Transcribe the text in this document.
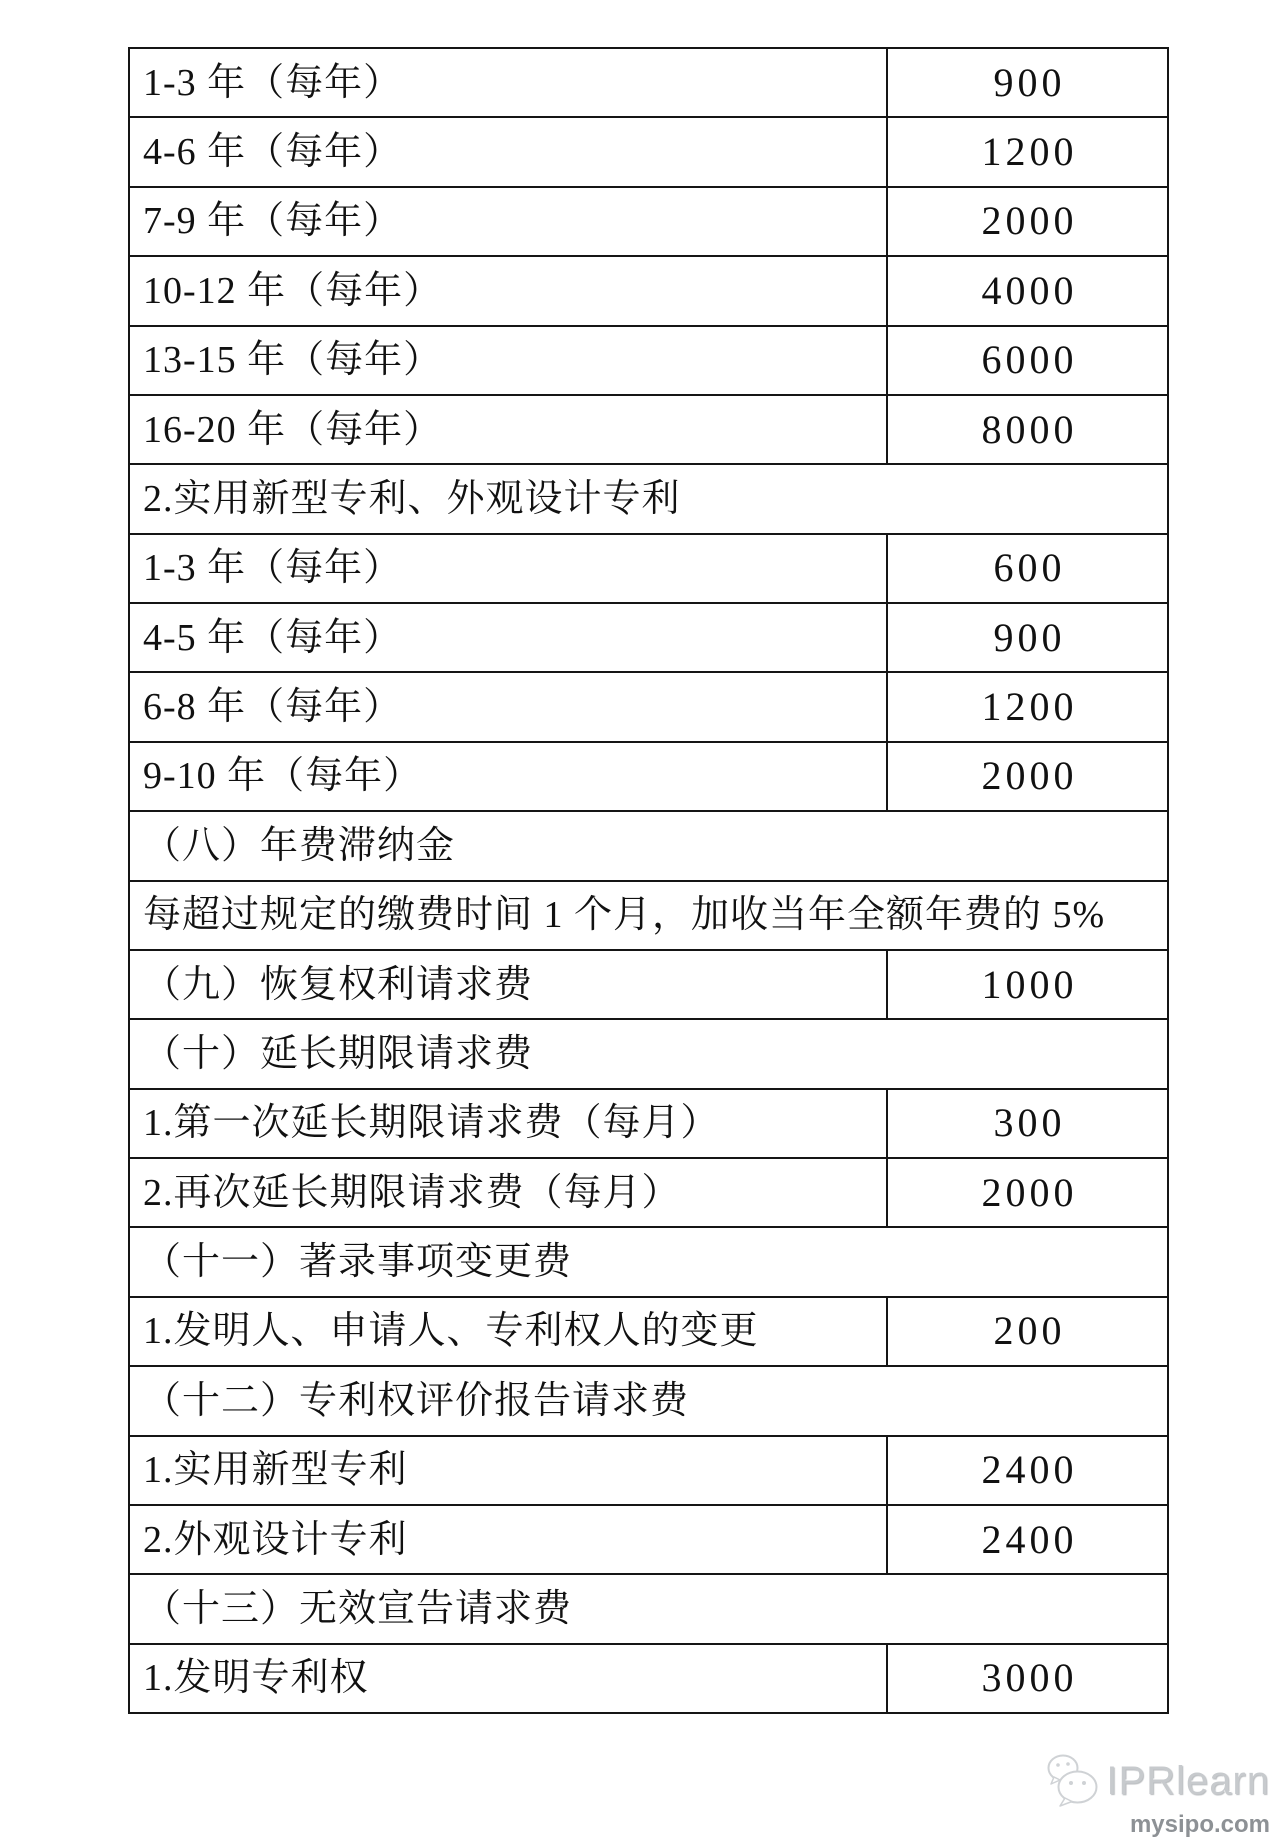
1-3 年（每年）	900
4-6 年（每年）	1200
7-9 年（每年）	2000
10-12 年（每年）	4000
13-15 年（每年）	6000
16-20 年（每年）	8000
2.实用新型专利、外观设计专利
1-3 年（每年）	600
4-5 年（每年）	900
6-8 年（每年）	1200
9-10 年（每年）	2000
（八）年费滞纳金
每超过规定的缴费时间 1 个月，加收当年全额年费的 5%
（九）恢复权利请求费	1000
（十）延长期限请求费
1.第一次延长期限请求费（每月）	300
2.再次延长期限请求费（每月）	2000
（十一）著录事项变更费
1.发明人、申请人、专利权人的变更	200
（十二）专利权评价报告请求费
1.实用新型专利	2400
2.外观设计专利	2400
（十三）无效宣告请求费
1.发明专利权	3000
IPRlearn
mysipo.com
